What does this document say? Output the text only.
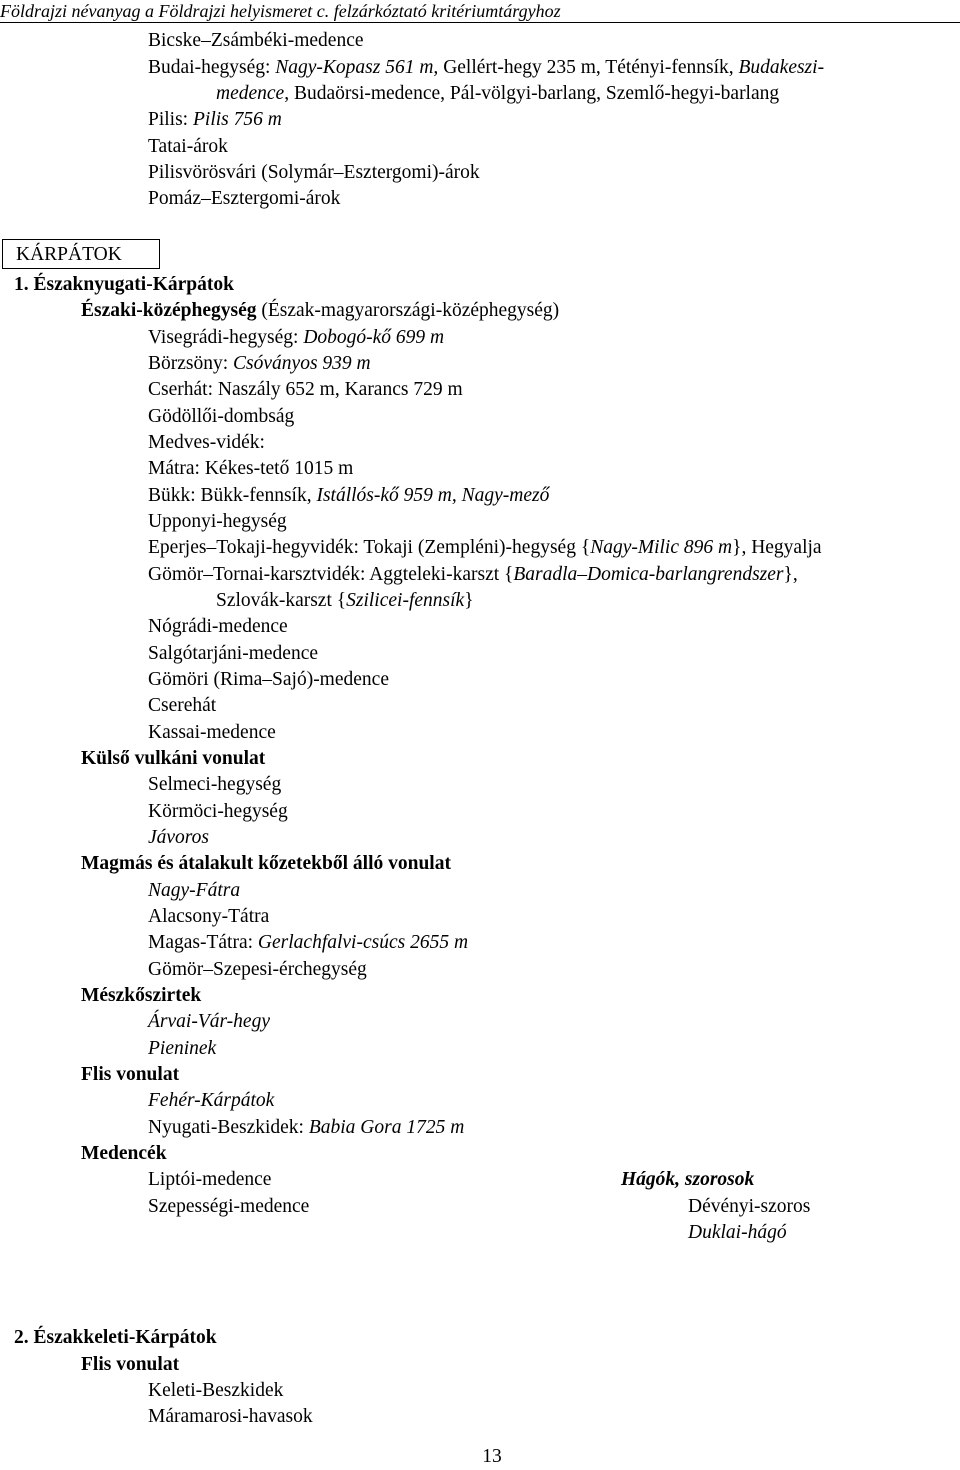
Földrajzi névanyag a Földrajzi helyismeret c. felzárkóztató kritériumtárgyhoz
Bicske–Zsámbéki-medence
Budai-hegység: Nagy-Kopasz 561 m, Gellért-hegy 235 m, Tétényi-fennsík, Budakeszi-
medence, Budaörsi-medence, Pál-völgyi-barlang, Szemlő-hegyi-barlang
Pilis: Pilis 756 m
Tatai-árok
Pilisvörösvári (Solymár–Esztergomi)-árok
Pomáz–Esztergomi-árok
KÁRPÁTOK
1. Északnyugati-Kárpátok
Északi-középhegység (Észak-magyarországi-középhegység)
Visegrádi-hegység: Dobogó-kő 699 m
Börzsöny: Csóványos 939 m
Cserhát: Naszály 652 m, Karancs 729 m
Gödöllői-dombság
Medves-vidék:
Mátra: Kékes-tető 1015 m
Bükk: Bükk-fennsík, Istállós-kő 959 m, Nagy-mező
Upponyi-hegység
Eperjes–Tokaji-hegyvidék: Tokaji (Zempléni)-hegység {Nagy-Milic 896 m}, Hegyalja
Gömör–Tornai-karsztvidék: Aggteleki-karszt {Baradla–Domica-barlangrendszer},
Szlovák-karszt {Szilicei-fennsík}
Nógrádi-medence
Salgótarjáni-medence
Gömöri (Rima–Sajó)-medence
Cserehát
Kassai-medence
Külső vulkáni vonulat
Selmeci-hegység
Körmöci-hegység
Jávoros
Magmás és átalakult kőzetekből álló vonulat
Nagy-Fátra
Alacsony-Tátra
Magas-Tátra: Gerlachfalvi-csúcs 2655 m
Gömör–Szepesi-érchegység
Mészkőszirtek
Árvai-Vár-hegy
Pieninek
Flis vonulat
Fehér-Kárpátok
Nyugati-Beszkidek: Babia Gora 1725 m
Medencék
Liptói-medence
Szepességi-medence
Hágók, szorosok
Dévényi-szoros
Duklai-hágó
2. Északkeleti-Kárpátok
Flis vonulat
Keleti-Beszkidek
Máramarosi-havasok
13
